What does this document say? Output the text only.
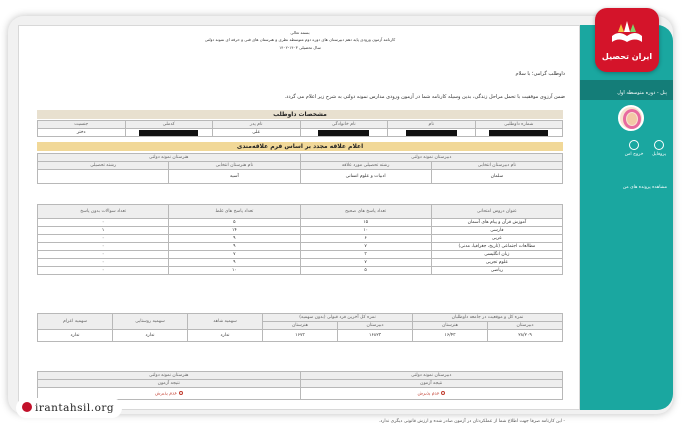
بسمه تعالی
کارنامه آزمون ورودی پایه دهم دبیرستان های دوره دوم متوسطه نظری و هنرستان های فنی و حرفه ای نمونه دولتی
سال تحصیلی ۱۴۰۳-۱۴۰۲
داوطلب گرامی؛ با سلام
ضمن آرزوی موفقیت با تحمل مراحل زندگی، بدین وسیله کارنامه شما در آزمون ورودی مدارس نمونه دولتی به شرح زیر اعلام می گردد.
مشخصات داوطلب
شماره داوطلبی	نام	نام خانوادگی	نام پدر	کدملی	جنسیت

	علی		دختر
اعلام علاقه مجدد بر اساس فرم علاقه‌مندی
دبیرستان نمونه دولتی		هنرستان نمونه دولتی	
نام دبیرستان انتخابی	رشته تحصیلی مورد علاقه	نام هنرستان انتخابی	رشته تحصیلی
سلمان	ادبیات و علوم انسانی	آسیه	
عنوان دروس امتحانی	تعداد پاسخ های صحیح	تعداد پاسخ های غلط	تعداد سوالات بدون پاسخ
آموزش قرآن و پیام های آسمان	۱۵	۵	۰
فارسی	۱۰	۱۴	۱
عربی	۶	۹	۰
مطالعات اجتماعی (تاریخ، جغرافیا، مدنی)	۷	۹	۰
زبان انگلیسی	۳	۷	۰
علوم تجربی	۷	۹	۰
ریاضی	۵	۱۰	۰
نمره کل و موقعیت در جامعه داوطلبان		نمره کل آخرین فرد قبولی (بدون سهمیه)		سهمیه شاهد	سهمیه روستایی	سهمیه اعزام
دبیرستان	هنرستان	دبیرستان	هنرستان			
۲۸/۲۰۹	۱۶/۴۳	۱۶۸۲۳	۱۶۷۳	ندارد	ندارد	ندارد
دبیرستان نمونه دولتی	هنرستان نمونه دولتی
نتیجه آزمون	نتیجه آزمون
عدم پذیرش	عدم پذیرش
- این کارنامه صرفا جهت اطلاع شما از عملکردتان در آزمون صادر شده و ارزش قانونی دیگری ندارد.
پنل - دوره متوسطه اول
خروج امن	پروفایل
مشاهده پرونده های من
ایران تحصیل
irantahsil.org
